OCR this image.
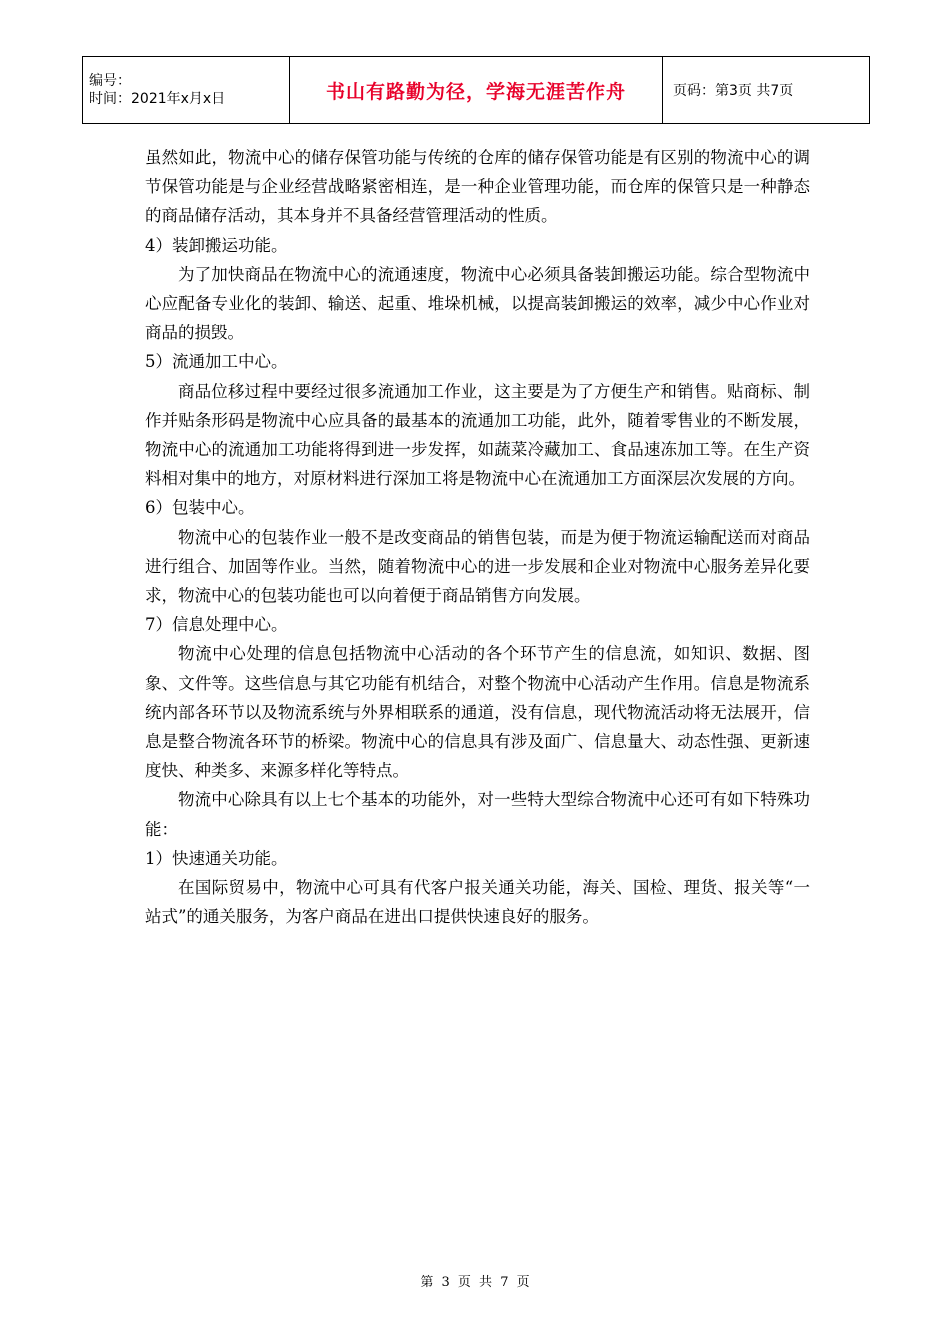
编号：
时间：2021年x月x日	书山有路勤为径，学海无涯苦作舟	页码：第3页 共7页

虽然如此，物流中心的储存保管功能与传统的仓库的储存保管功能是有区别的物流中心的调节保管功能是与企业经营战略紧密相连，是一种企业管理功能，而仓库的保管只是一种静态的商品储存活动，其本身并不具备经营管理活动的性质。

4）装卸搬运功能。

为了加快商品在物流中心的流通速度，物流中心必须具备装卸搬运功能。综合型物流中心应配备专业化的装卸、输送、起重、堆垛机械，以提高装卸搬运的效率，减少中心作业对商品的损毁。

5）流通加工中心。

商品位移过程中要经过很多流通加工作业，这主要是为了方便生产和销售。贴商标、制作并贴条形码是物流中心应具备的最基本的流通加工功能，此外，随着零售业的不断发展，物流中心的流通加工功能将得到进一步发挥，如蔬菜冷藏加工、食品速冻加工等。在生产资料相对集中的地方，对原材料进行深加工将是物流中心在流通加工方面深层次发展的方向。

6）包装中心。

物流中心的包装作业一般不是改变商品的销售包装，而是为便于物流运输配送而对商品进行组合、加固等作业。当然，随着物流中心的进一步发展和企业对物流中心服务差异化要求，物流中心的包装功能也可以向着便于商品销售方向发展。

7）信息处理中心。

物流中心处理的信息包括物流中心活动的各个环节产生的信息流，如知识、数据、图象、文件等。这些信息与其它功能有机结合，对整个物流中心活动产生作用。信息是物流系统内部各环节以及物流系统与外界相联系的通道，没有信息，现代物流活动将无法展开，信息是整合物流各环节的桥梁。物流中心的信息具有涉及面广、信息量大、动态性强、更新速度快、种类多、来源多样化等特点。

物流中心除具有以上七个基本的功能外，对一些特大型综合物流中心还可有如下特殊功能：

1）快速通关功能。

在国际贸易中，物流中心可具有代客户报关通关功能，海关、国检、理货、报关等“一站式”的通关服务，为客户商品在进出口提供快速良好的服务。

第 3 页 共 7 页
